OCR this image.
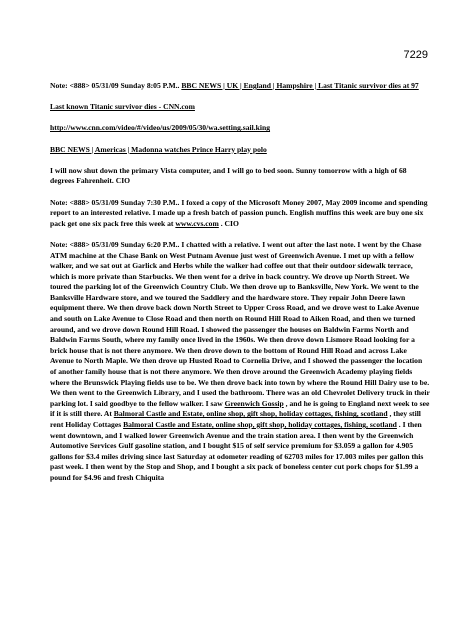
7229

Note: <888> 05/31/09 Sunday 8:05 P.M.. BBC NEWS | UK | England | Hampshire | Last Titanic survivor dies at 97

Last known Titanic survivor dies - CNN.com

http://www.cnn.com/video/#/video/us/2009/05/30/wa.setting.sail.king

BBC NEWS | Americas | Madonna watches Prince Harry play polo

I will now shut down the primary Vista computer, and I will go to bed soon. Sunny tomorrow with a high of 68 degrees Fahrenheit. CIO

Note: <888> 05/31/09 Sunday 7:30 P.M.. I foxed a copy of the Microsoft Money 2007, May 2009 income and spending report to an interested relative. I made up a fresh batch of passion punch. English muffins this week are buy one six pack get one six pack free this week at www.cvs.com . CIO

Note: <888> 05/31/09 Sunday 6:20 P.M.. I chatted with a relative. I went out after the last note. I went by the Chase ATM machine at the Chase Bank on West Putnam Avenue just west of Greenwich Avenue. I met up with a fellow walker, and we sat out at Garlick and Herbs while the walker had coffee out that their outdoor sidewalk terrace, which is more private than Starbucks. We then went for a drive in back country. We drove up North Street. We toured the parking lot of the Greenwich Country Club. We then drove up to Banksville, New York. We went to the Banksville Hardware store, and we toured the Saddlery and the hardware store. They repair John Deere lawn equipment there. We then drove back down North Street to Upper Cross Road, and we drove west to Lake Avenue and south on Lake Avenue to Close Road and then north on Round Hill Road to Aiken Road, and then we turned around, and we drove down Round Hill Road. I showed the passenger the houses on Baldwin Farms North and Baldwin Farms South, where my family once lived in the 1960s. We then drove down Lismore Road looking for a brick house that is not there anymore. We then drove down to the bottom of Round Hill Road and across Lake Avenue to North Maple. We then drove up Husted Road to Cornelia Drive, and I showed the passenger the location of another family house that is not there anymore. We then drove around the Greenwich Academy playing fields where the Brunswick Playing fields use to be. We then drove back into town by where the Round Hill Dairy use to be. We then went to the Greenwich Library, and I used the bathroom. There was an old Chevrolet Delivery truck in their parking lot. I said goodbye to the fellow walker. I saw Greenwich Gossip , and he is going to England next week to see if it is still there. At Balmoral Castle and Estate, online shop, gift shop, holiday cottages, fishing, scotland , they still rent Holiday Cottages Balmoral Castle and Estate, online shop, gift shop, holiday cottages, fishing, scotland . I then went downtown, and I walked lower Greenwich Avenue and the train station area. I then went by the Greenwich Automotive Services Gulf gasoline station, and I bought $15 of self service premium for $3.059 a gallon for 4.905 gallons for $3.4 miles driving since last Saturday at odometer reading of 62703 miles for 17.003 miles per gallon this past week. I then went by the Stop and Shop, and I bought a six pack of boneless center cut pork chops for $1.99 a pound for $4.96 and fresh Chiquita
